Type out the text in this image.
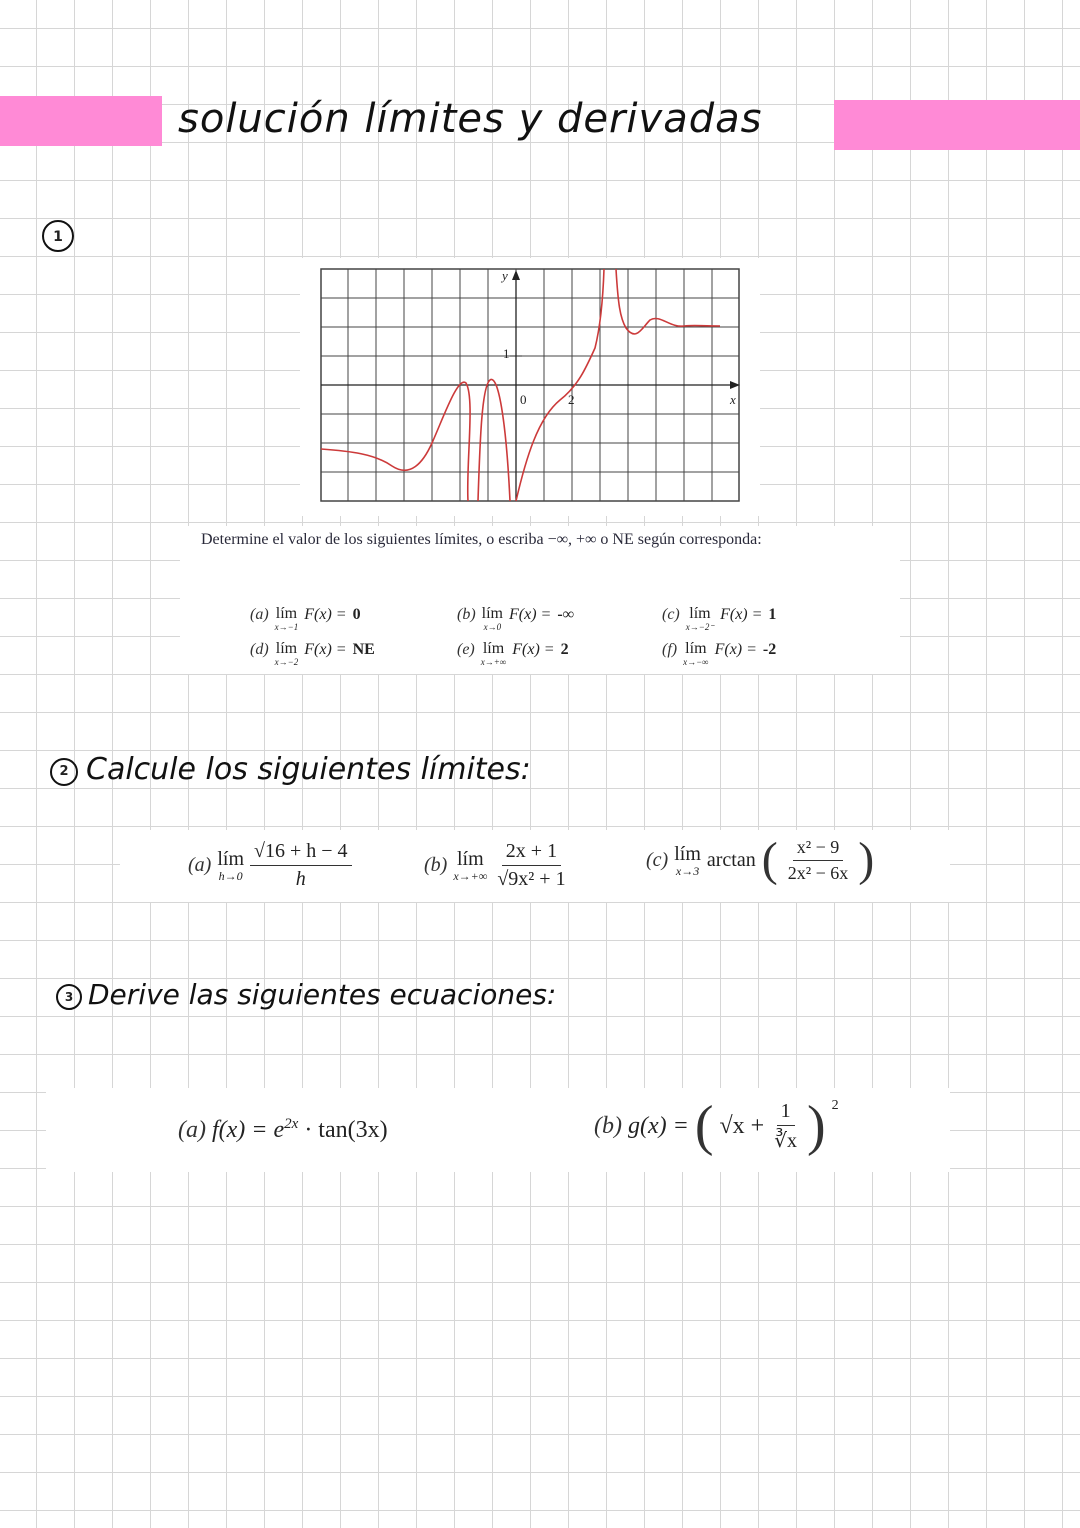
solución límites y derivadas
1
y
x
1
0	2
Determine el valor de los siguientes límites, o escriba −∞, +∞ o NE según corresponda:
(a) lím
x→−1
F(x) = 0	(b) lím
x→0
F(x) = -∞	(c) lím
x→−2⁻
F(x) = 1
(d) lím
x→−2
F(x) = NE	(e) lím
x→+∞
F(x) = 2	(f) lím
x→−∞
F(x) = -2
2 Calcule los siguientes límites:
(a) lím
$h\to 0 \frac{√16 + h - 4}{h}$	(b) lím
$x\to+\infty \frac{2x + 1}{\text{√9x² + 1}}$	(c) lím
x→3 arctan ( $\frac{\text{x² − 9}}{\text{2x² − 6x}}$ )
3 Derive las siguientes ecuaciones:
(a) $f(x) = e^{2x} \cdot \tan(3x)$	(b) g(x) = ( $√x + \frac{1}{∛x}$ ) 2
